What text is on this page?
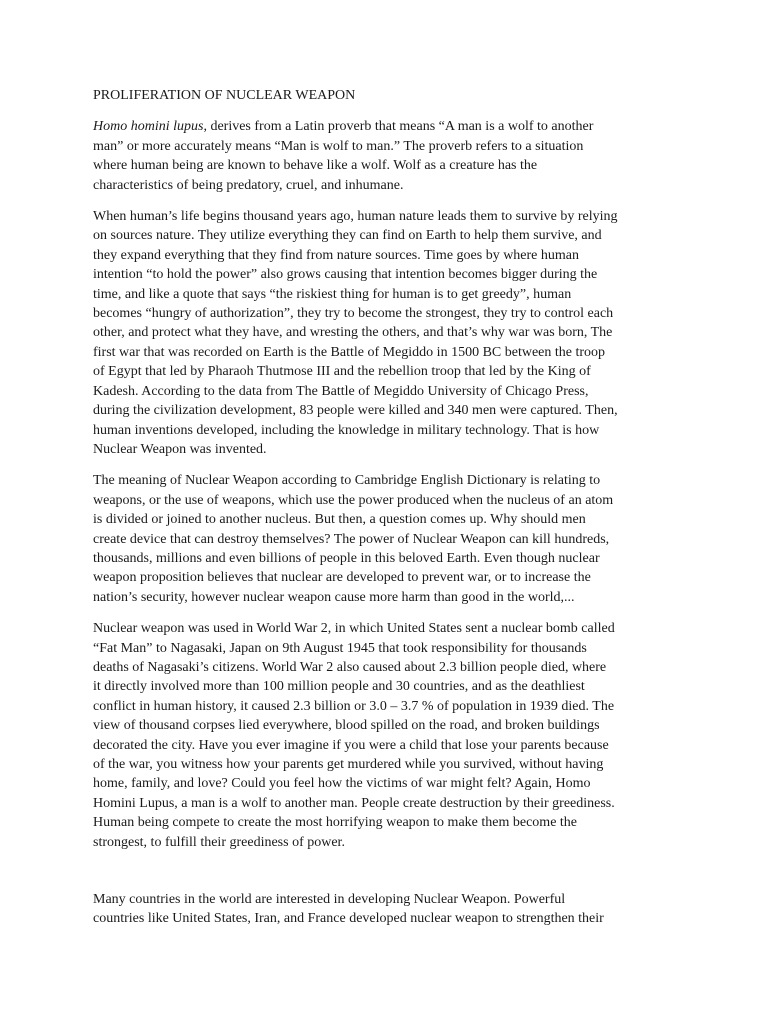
PROLIFERATION OF NUCLEAR WEAPON

Homo homini lupus, derives from a Latin proverb that means “A man is a wolf to another
man” or more accurately means “Man is wolf to man.” The proverb refers to a situation
where human being are known to behave like a wolf. Wolf as a creature has the
characteristics of being predatory, cruel, and inhumane.

When human’s life begins thousand years ago, human nature leads them to survive by relying
on sources nature. They utilize everything they can find on Earth to help them survive, and
they expand everything that they find from nature sources. Time goes by where human
intention “to hold the power” also grows causing that intention becomes bigger during the
time, and like a quote that says “the riskiest thing for human is to get greedy”, human
becomes “hungry of authorization”, they try to become the strongest, they try to control each
other, and protect what they have, and wresting the others, and that’s why war was born, The
first war that was recorded on Earth is the Battle of Megiddo in 1500 BC between the troop
of Egypt that led by Pharaoh Thutmose III and the rebellion troop that led by the King of
Kadesh. According to the data from The Battle of Megiddo University of Chicago Press,
during the civilization development, 83 people were killed and 340 men were captured. Then,
human inventions developed, including the knowledge in military technology. That is how
Nuclear Weapon was invented.

The meaning of Nuclear Weapon according to Cambridge English Dictionary is relating to
weapons, or the use of weapons, which use the power produced when the nucleus of an atom
is divided or joined to another nucleus. But then, a question comes up. Why should men
create device that can destroy themselves? The power of Nuclear Weapon can kill hundreds,
thousands, millions and even billions of people in this beloved Earth. Even though nuclear
weapon proposition believes that nuclear are developed to prevent war, or to increase the
nation’s security, however nuclear weapon cause more harm than good in the world,...

Nuclear weapon was used in World War 2, in which United States sent a nuclear bomb called
“Fat Man” to Nagasaki, Japan on 9th August 1945 that took responsibility for thousands
deaths of Nagasaki’s citizens. World War 2 also caused about 2.3 billion people died, where
it directly involved more than 100 million people and 30 countries, and as the deathliest
conflict in human history, it caused 2.3 billion or 3.0 – 3.7 % of population in 1939 died. The
view of thousand corpses lied everywhere, blood spilled on the road, and broken buildings
decorated the city. Have you ever imagine if you were a child that lose your parents because
of the war, you witness how your parents get murdered while you survived, without having
home, family, and love? Could you feel how the victims of war might felt? Again, Homo
Homini Lupus, a man is a wolf to another man. People create destruction by their greediness.
Human being compete to create the most horrifying weapon to make them become the
strongest, to fulfill their greediness of power.

Many countries in the world are interested in developing Nuclear Weapon. Powerful
countries like United States, Iran, and France developed nuclear weapon to strengthen their
